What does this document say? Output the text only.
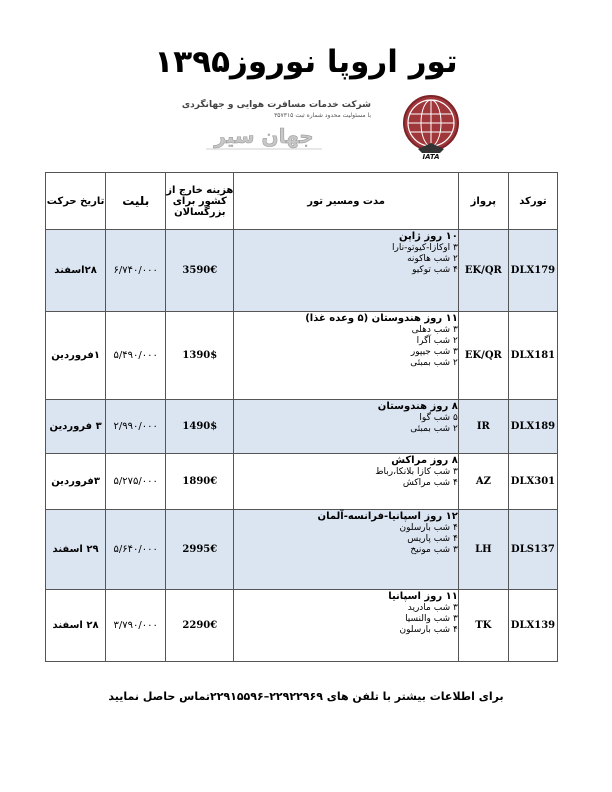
تور اروپا نوروز۱۳۹۵
شرکت خدمات مسافرت هوایی و جهانگردی
با مسئولیت محدود شماره ثبت ۳۵۷۳۱۵
جهان سیر
IATA
تورکد	پرواز	مدت ومسیر تور	هزینه خارج از کشور برای بزرگسالان	بلیت	تاریخ حرکت
DLX179	EK/QR	۱۰ روز ژاپن
۳ اوکازا-کیوتو-نارا
۲ شب هاکونه
۴ شب توکیو	3590€	۶/۷۴۰/۰۰۰	۲۸اسفند
DLX181	EK/QR	۱۱ روز هندوستان (۵ وعده غذا)
۳ شب دهلی
۲ شب آگرا
۳ شب جیپور
۲ شب بمبئی	1390$	۵/۴۹۰/۰۰۰	۱فروردین
DLX189	IR	۸ روز هندوستان
۵ شب گوا
۲ شب بمبئی	1490$	۲/۹۹۰/۰۰۰	۳ فروردین
DLX301	AZ	۸ روز مراکش
۳ شب کازا بلانکا،رباط
۴ شب مراکش	1890€	۵/۲۷۵/۰۰۰	۳فروردین
DLS137	LH	۱۲ روز اسپانیا-فرانسه-آلمان
۴ شب بارسلون
۴ شب پاریس
۳ شب مونیخ	2995€	۵/۶۴۰/۰۰۰	۲۹ اسفند
DLX139	TK	۱۱ روز اسپانیا
۳ شب مادرید
۳ شب والنسیا
۴ شب بارسلون	2290€	۳/۷۹۰/۰۰۰	۲۸ اسفند
برای اطلاعات بیشتر با تلفن های ۲۲۹۲۲۹۶۹–۲۲۹۱۵۵۹۶تماس حاصل نمایید
